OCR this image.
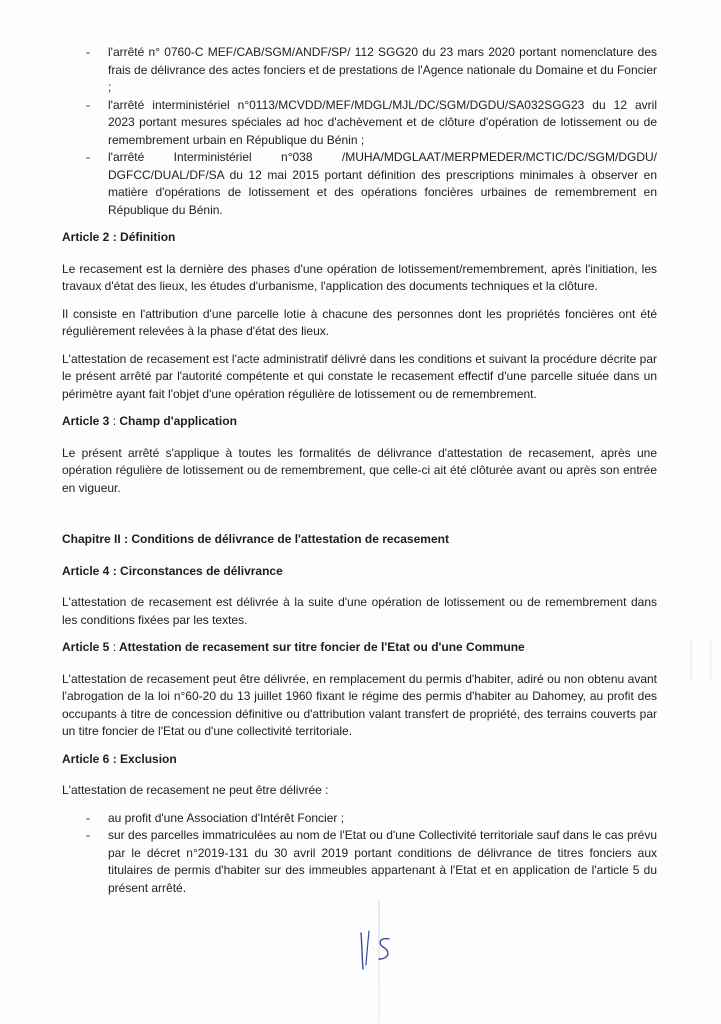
- l'arrêté n° 0760-C MEF/CAB/SGM/ANDF/SP/ 112 SGG20 du 23 mars 2020 portant nomenclature des frais de délivrance des actes fonciers et de prestations de l'Agence nationale du Domaine et du Foncier ;
- l'arrêté interministériel n°0113/MCVDD/MEF/MDGL/MJL/DC/SGM/DGDU/SA032SGG23 du 12 avril 2023 portant mesures spéciales ad hoc d'achèvement et de clôture d'opération de lotissement ou de remembrement urbain en République du Bénin ;
- l'arrêté Interministériel n°038 /MUHA/MDGLAAT/MERPMEDER/MCTIC/DC/SGM/DGDU/ DGFCC/DUAL/DF/SA du 12 mai 2015 portant définition des prescriptions minimales à observer en matière d'opérations de lotissement et des opérations foncières urbaines de remembrement en République du Bénin.

Article 2 : Définition

Le recasement est la dernière des phases d'une opération de lotissement/remembrement, après l'initiation, les travaux d'état des lieux, les études d'urbanisme, l'application des documents techniques et la clôture.

Il consiste en l'attribution d'une parcelle lotie à chacune des personnes dont les propriétés foncières ont été régulièrement relevées à la phase d'état des lieux.

L'attestation de recasement est l'acte administratif délivré dans les conditions et suivant la procédure décrite par le présent arrêté par l'autorité compétente et qui constate le recasement effectif d'une parcelle située dans un périmètre ayant fait l'objet d'une opération régulière de lotissement ou de remembrement.

Article 3 : Champ d'application

Le présent arrêté s'applique à toutes les formalités de délivrance d'attestation de recasement, après une opération régulière de lotissement ou de remembrement, que celle-ci ait été clôturée avant ou après son entrée en vigueur.

Chapitre II : Conditions de délivrance de l'attestation de recasement

Article 4 : Circonstances de délivrance

L'attestation de recasement est délivrée à la suite d'une opération de lotissement ou de remembrement dans les conditions fixées par les textes.

Article 5 : Attestation de recasement sur titre foncier de l'Etat ou d'une Commune

L'attestation de recasement peut être délivrée, en remplacement du permis d'habiter, adiré ou non obtenu avant l'abrogation de la loi n°60-20 du 13 juillet 1960 fixant le régime des permis d'habiter au Dahomey, au profit des occupants à titre de concession définitive ou d'attribution valant transfert de propriété, des terrains couverts par un titre foncier de l'Etat ou d'une collectivité territoriale.

Article 6 : Exclusion

L'attestation de recasement ne peut être délivrée :

- au profit d'une Association d'Intérêt Foncier ;
- sur des parcelles immatriculées au nom de l'Etat ou d'une Collectivité territoriale sauf dans le cas prévu par le décret n°2019-131 du 30 avril 2019 portant conditions de délivrance de titres fonciers aux titulaires de permis d'habiter sur des immeubles appartenant à l'Etat et en application de l'article 5 du présent arrêté.
